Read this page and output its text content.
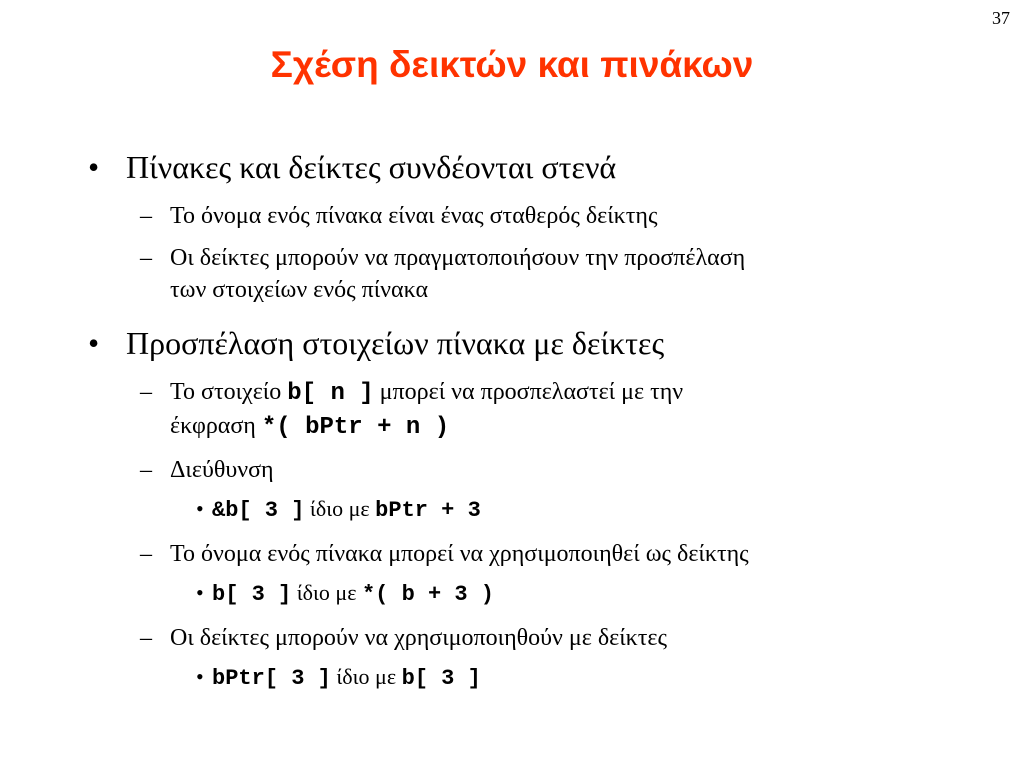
37
Σχέση δεικτών και πινάκων
• Πίνακες και δείκτες συνδέονται στενά
– Το όνομα ενός πίνακα είναι ένας σταθερός δείκτης
– Οι δείκτες μπορούν να πραγματοποιήσουν την προσπέλαση
των στοιχείων ενός πίνακα
• Προσπέλαση στοιχείων πίνακα με δείκτες
– Το στοιχείο b[ n ] μπορεί να προσπελαστεί με την
έκφραση *( bPtr + n )
– Διεύθυνση
• &b[ 3 ] ίδιο με bPtr + 3
– Το όνομα ενός πίνακα μπορεί να χρησιμοποιηθεί ως δείκτης
• b[ 3 ] ίδιο με *( b + 3 )
– Οι δείκτες μπορούν να χρησιμοποιηθούν με δείκτες
• bPtr[ 3 ] ίδιο με b[ 3 ]
